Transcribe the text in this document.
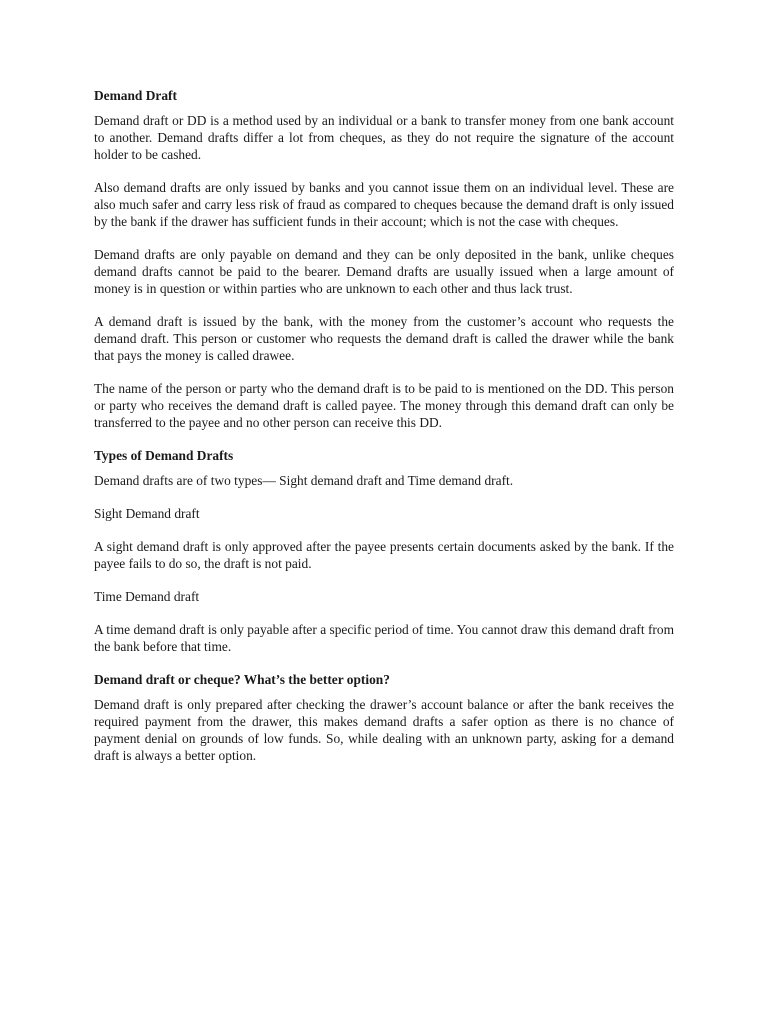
Demand Draft
Demand draft or DD is a method used by an individual or a bank to transfer money from one bank account to another. Demand drafts differ a lot from cheques, as they do not require the signature of the account holder to be cashed.
Also demand drafts are only issued by banks and you cannot issue them on an individual level. These are also much safer and carry less risk of fraud as compared to cheques because the demand draft is only issued by the bank if the drawer has sufficient funds in their account; which is not the case with cheques.
Demand drafts are only payable on demand and they can be only deposited in the bank, unlike cheques demand drafts cannot be paid to the bearer. Demand drafts are usually issued when a large amount of money is in question or within parties who are unknown to each other and thus lack trust.
A demand draft is issued by the bank, with the money from the customer’s account who requests the demand draft. This person or customer who requests the demand draft is called the drawer while the bank that pays the money is called drawee.
The name of the person or party who the demand draft is to be paid to is mentioned on the DD. This person or party who receives the demand draft is called payee. The money through this demand draft can only be transferred to the payee and no other person can receive this DD.
Types of Demand Drafts
Demand drafts are of two types— Sight demand draft and Time demand draft.
Sight Demand draft
A sight demand draft is only approved after the payee presents certain documents asked by the bank. If the payee fails to do so, the draft is not paid.
Time Demand draft
A time demand draft is only payable after a specific period of time. You cannot draw this demand draft from the bank before that time.
Demand draft or cheque? What’s the better option?
Demand draft is only prepared after checking the drawer’s account balance or after the bank receives the required payment from the drawer, this makes demand drafts a safer option as there is no chance of payment denial on grounds of low funds. So, while dealing with an unknown party, asking for a demand draft is always a better option.
